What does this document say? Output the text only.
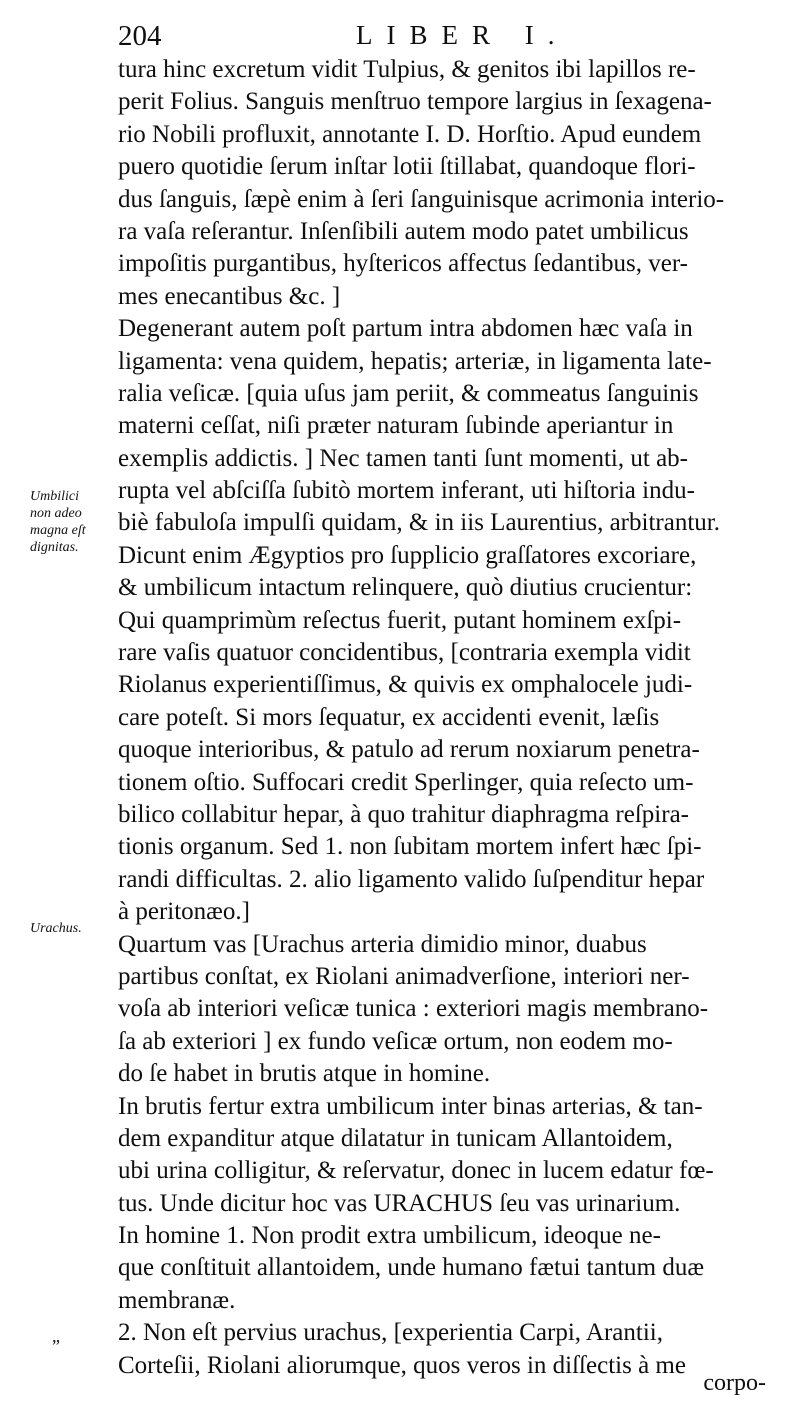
204	LIBER I.
tura hinc excretum vidit Tulpius, & genitos ibi lapillos re-
perit Folius. Sanguis menſtruo tempore largius in ſexagena-
rio Nobili profluxit, annotante I. D. Horſtio. Apud eundem
puero quotidie ſerum inſtar lotii ſtillabat, quandoque flori-
dus ſanguis, ſæpè enim à ſeri ſanguinisque acrimonia interio-
ra vaſa reſerantur. Inſenſibili autem modo patet umbilicus
impoſitis purgantibus, hyſtericos affectus ſedantibus, ver-
mes enecantibus &c. ]
Degenerant autem poſt partum intra abdomen hæc vaſa in
ligamenta: vena quidem, hepatis; arteriæ, in ligamenta late-
ralia veſicæ. [quia uſus jam periit, & commeatus ſanguinis
materni ceſſat, niſi præter naturam ſubinde aperiantur in
exemplis addictis. ] Nec tamen tanti ſunt momenti, ut ab-
rupta vel abſciſſa ſubitò mortem inferant, uti hiſtoria indu-
biè fabuloſa impulſi quidam, & in iis Laurentius, arbitrantur.
Dicunt enim Ægyptios pro ſupplicio graſſatores excoriare,
& umbilicum intactum relinquere, quò diutius crucientur:
Qui quamprimùm reſectus fuerit, putant hominem exſpi-
rare vaſis quatuor concidentibus, [contraria exempla vidit
Riolanus experientiſſimus, & quivis ex omphalocele judi-
care poteſt. Si mors ſequatur, ex accidenti evenit, læſis
quoque interioribus, & patulo ad rerum noxiarum penetra-
tionem oſtio. Suffocari credit Sperlinger, quia reſecto um-
bilico collabitur hepar, à quo trahitur diaphragma reſpira-
tionis organum. Sed 1. non ſubitam mortem infert hæc ſpi-
randi difficultas. 2. alio ligamento valido ſuſpenditur hepar
à peritonæo.]
Quartum vas [Urachus arteria dimidio minor, duabus
partibus conſtat, ex Riolani animadverſione, interiori ner-
voſa ab interiori veſicæ tunica : exteriori magis membrano-
ſa ab exteriori ] ex fundo veſicæ ortum, non eodem mo-
do ſe habet in brutis atque in homine.
In brutis fertur extra umbilicum inter binas arterias, & tan-
dem expanditur atque dilatatur in tunicam Allantoidem,
ubi urina colligitur, & reſervatur, donec in lucem edatur fœ-
tus. Unde dicitur hoc vas URACHUS ſeu vas urinarium.
In homine 1. Non prodit extra umbilicum, ideoque ne-
que conſtituit allantoidem, unde humano fætui tantum duæ
membranæ.
2. Non eſt pervius urachus, [experientia Carpi, Arantii,
Corteſii, Riolani aliorumque, quos veros in diſſectis à me
Umbilici
non adeo
magna eſt
dignitas.
Urachus.
„
corpo-
